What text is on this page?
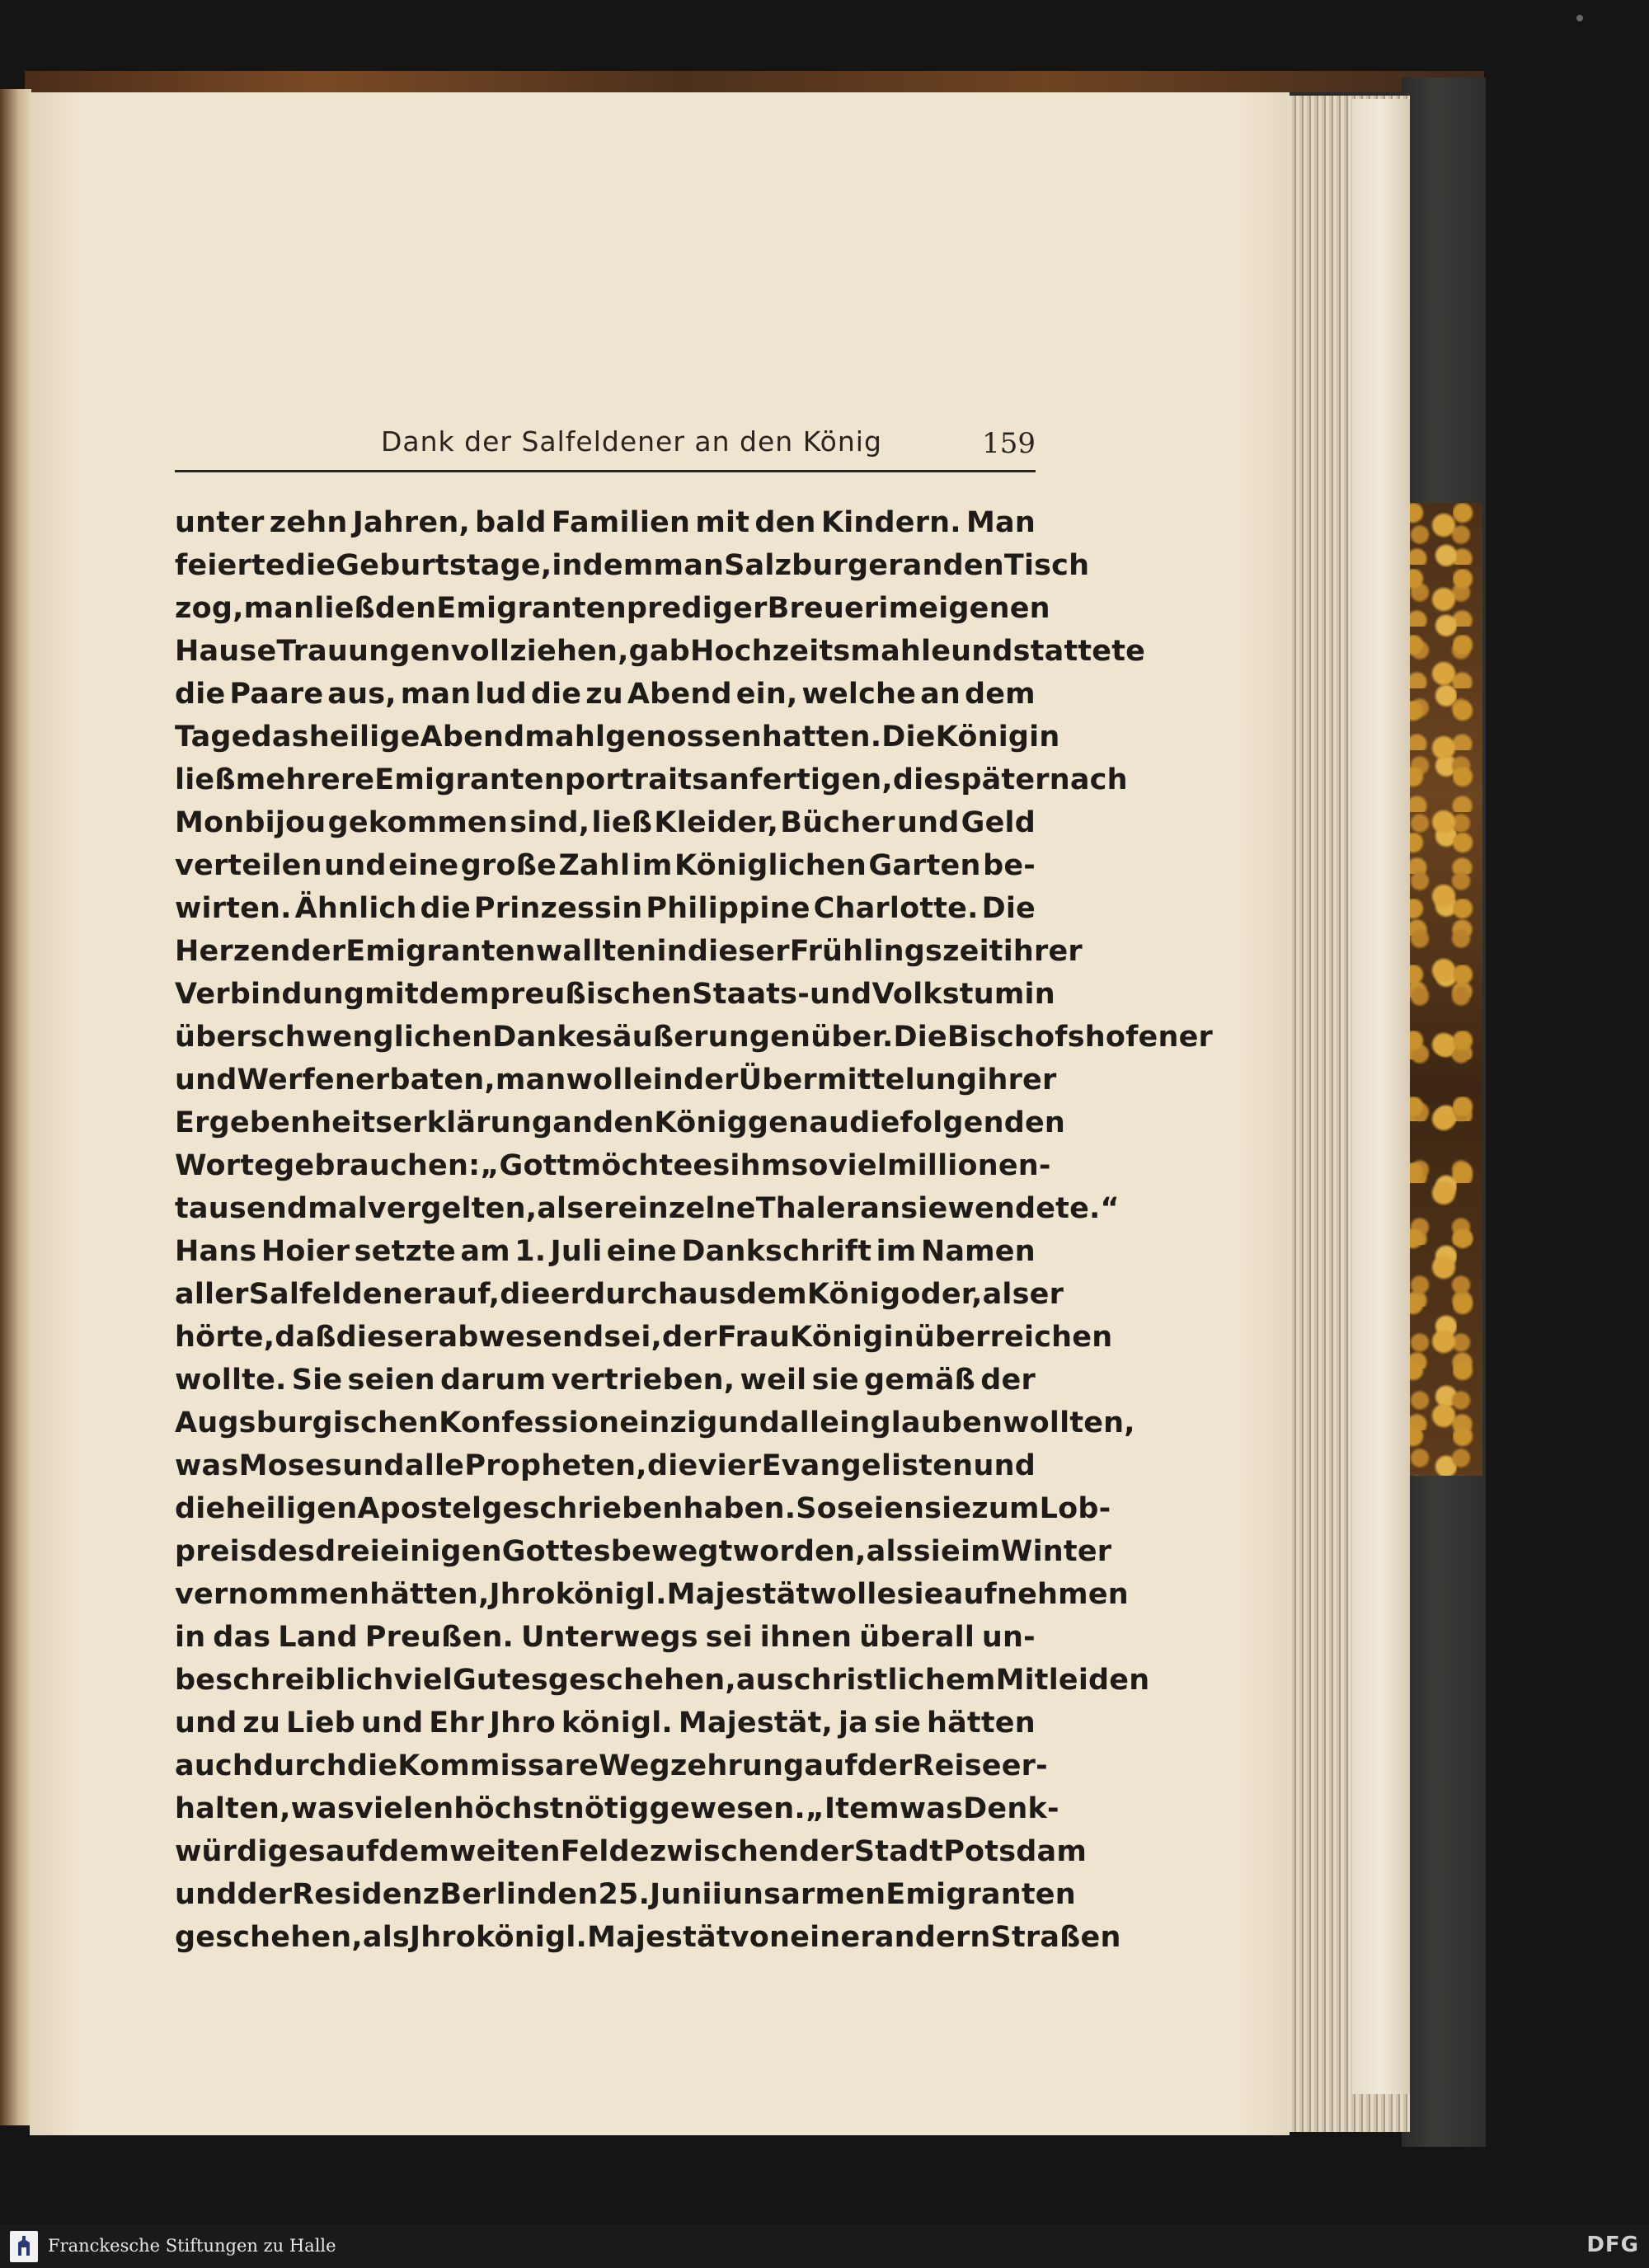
Dank der Salfeldener an den König	159
unter zehn Jahren, bald Familien mit den Kindern. Man
feierte die Geburtstage, indem man Salzburger an den Tisch
zog, man ließ den Emigrantenprediger Breuer im eigenen
Hause Trauungen vollziehen, gab Hochzeitsmahle und stattete
die Paare aus, man lud die zu Abend ein, welche an dem
Tage das heilige Abendmahl genossen hatten. Die Königin
ließ mehrere Emigrantenportraits anfertigen, die später nach
Monbijou gekommen sind, ließ Kleider, Bücher und Geld
verteilen und eine große Zahl im Königlichen Garten be-
wirten. Ähnlich die Prinzessin Philippine Charlotte. Die
Herzen der Emigranten wallten in dieser Frühlingszeit ihrer
Verbindung mit dem preußischen Staats- und Volkstum in
überschwenglichen Dankesäußerungen über. Die Bischofshofener
und Werfener baten, man wolle in der Übermittelung ihrer
Ergebenheitserklärung an den König genau die folgenden
Worte gebrauchen: „Gott möchte es ihm so viel millionen-
tausendmal vergelten, als er einzelne Thaler an sie wendete.“
Hans Hoier setzte am 1. Juli eine Dankschrift im Namen
aller Salfeldener auf, die er durchaus dem König oder, als er
hörte, daß dieser abwesend sei, der Frau Königin überreichen
wollte. Sie seien darum vertrieben, weil sie gemäß der
Augsburgischen Konfession einzig und allein glauben wollten,
was Moses und alle Propheten, die vier Evangelisten und
die heiligen Apostel geschrieben haben. So seien sie zum Lob-
preis des dreieinigen Gottes bewegt worden, als sie im Winter
vernommen hätten, Jhro königl. Majestät wolle sie aufnehmen
in das Land Preußen. Unterwegs sei ihnen überall un-
beschreiblich viel Gutes geschehen, aus christlichem Mitleiden
und zu Lieb und Ehr Jhro königl. Majestät, ja sie hätten
auch durch die Kommissare Wegzehrung auf der Reise er-
halten, was vielen höchstnötig gewesen. „Item was Denk-
würdiges auf dem weiten Felde zwischen der Stadt Potsdam
und der Residenz Berlin den 25. Junii uns armen Emigranten
geschehen, als Jhro königl. Majestät von einer andern Straßen
Franckesche Stiftungen zu Halle	DFG
